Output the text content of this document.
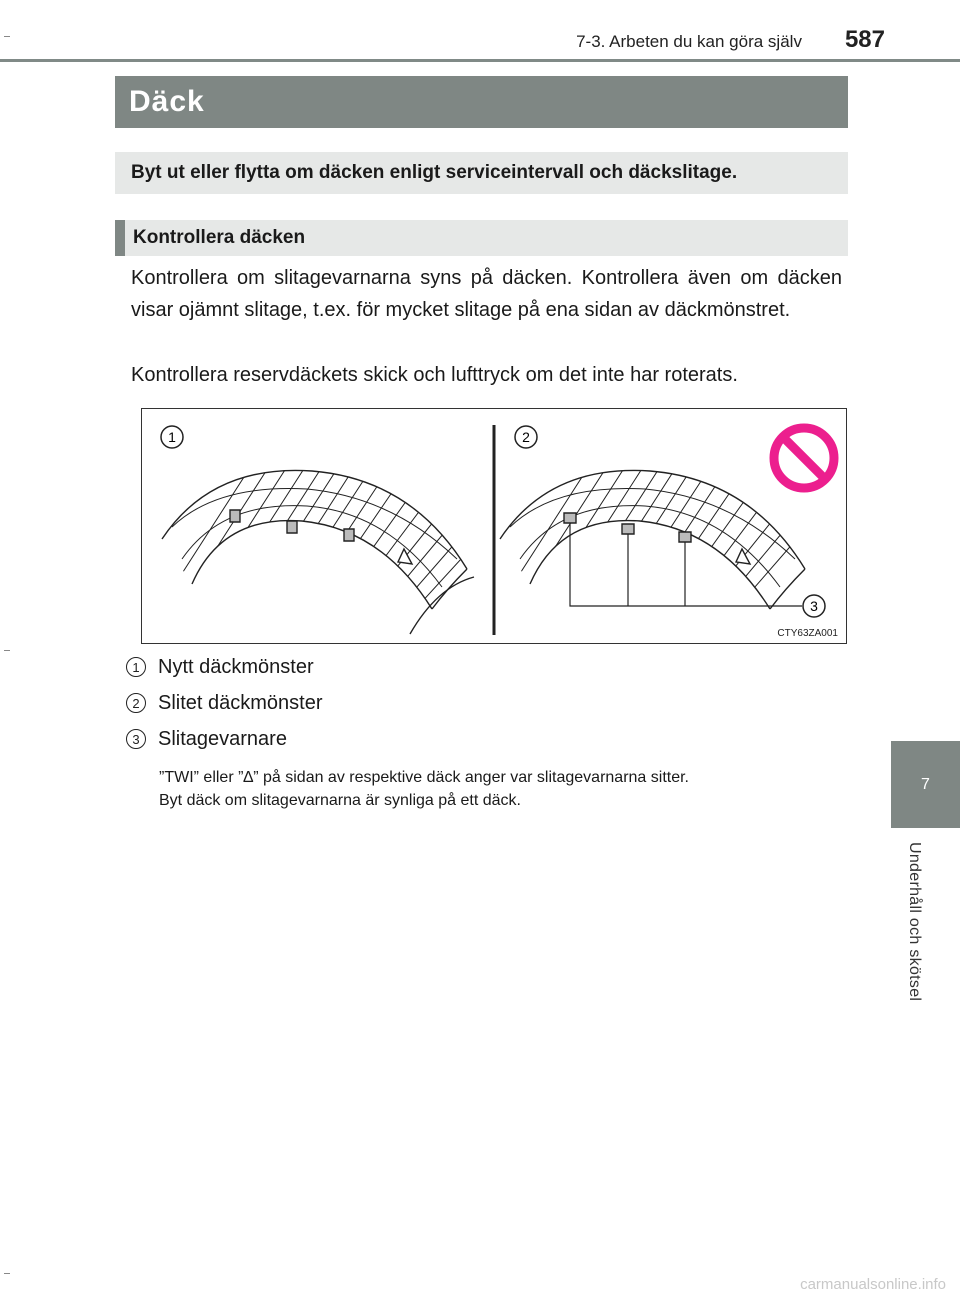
7-3. Arbeten du kan göra själv 587
Däck
Byt ut eller flytta om däcken enligt serviceintervall och däckslitage.
Kontrollera däcken

Kontrollera om slitagevarnarna syns på däcken. Kontrollera även om däcken visar ojämnt slitage, t.ex. för mycket slitage på ena sidan av däckmönstret.

Kontrollera reservdäckets skick och lufttryck om det inte har roterats.

1	2
3
CTY63ZA001
1 Nytt däckmönster
2 Slitet däckmönster
3 Slitagevarnare
”TWI” eller ”∆” på sidan av respektive däck anger var slitagevarnarna sitter.
Byt däck om slitagevarnarna är synliga på ett däck.
7
Underhåll och skötsel
carmanualsonline.info
